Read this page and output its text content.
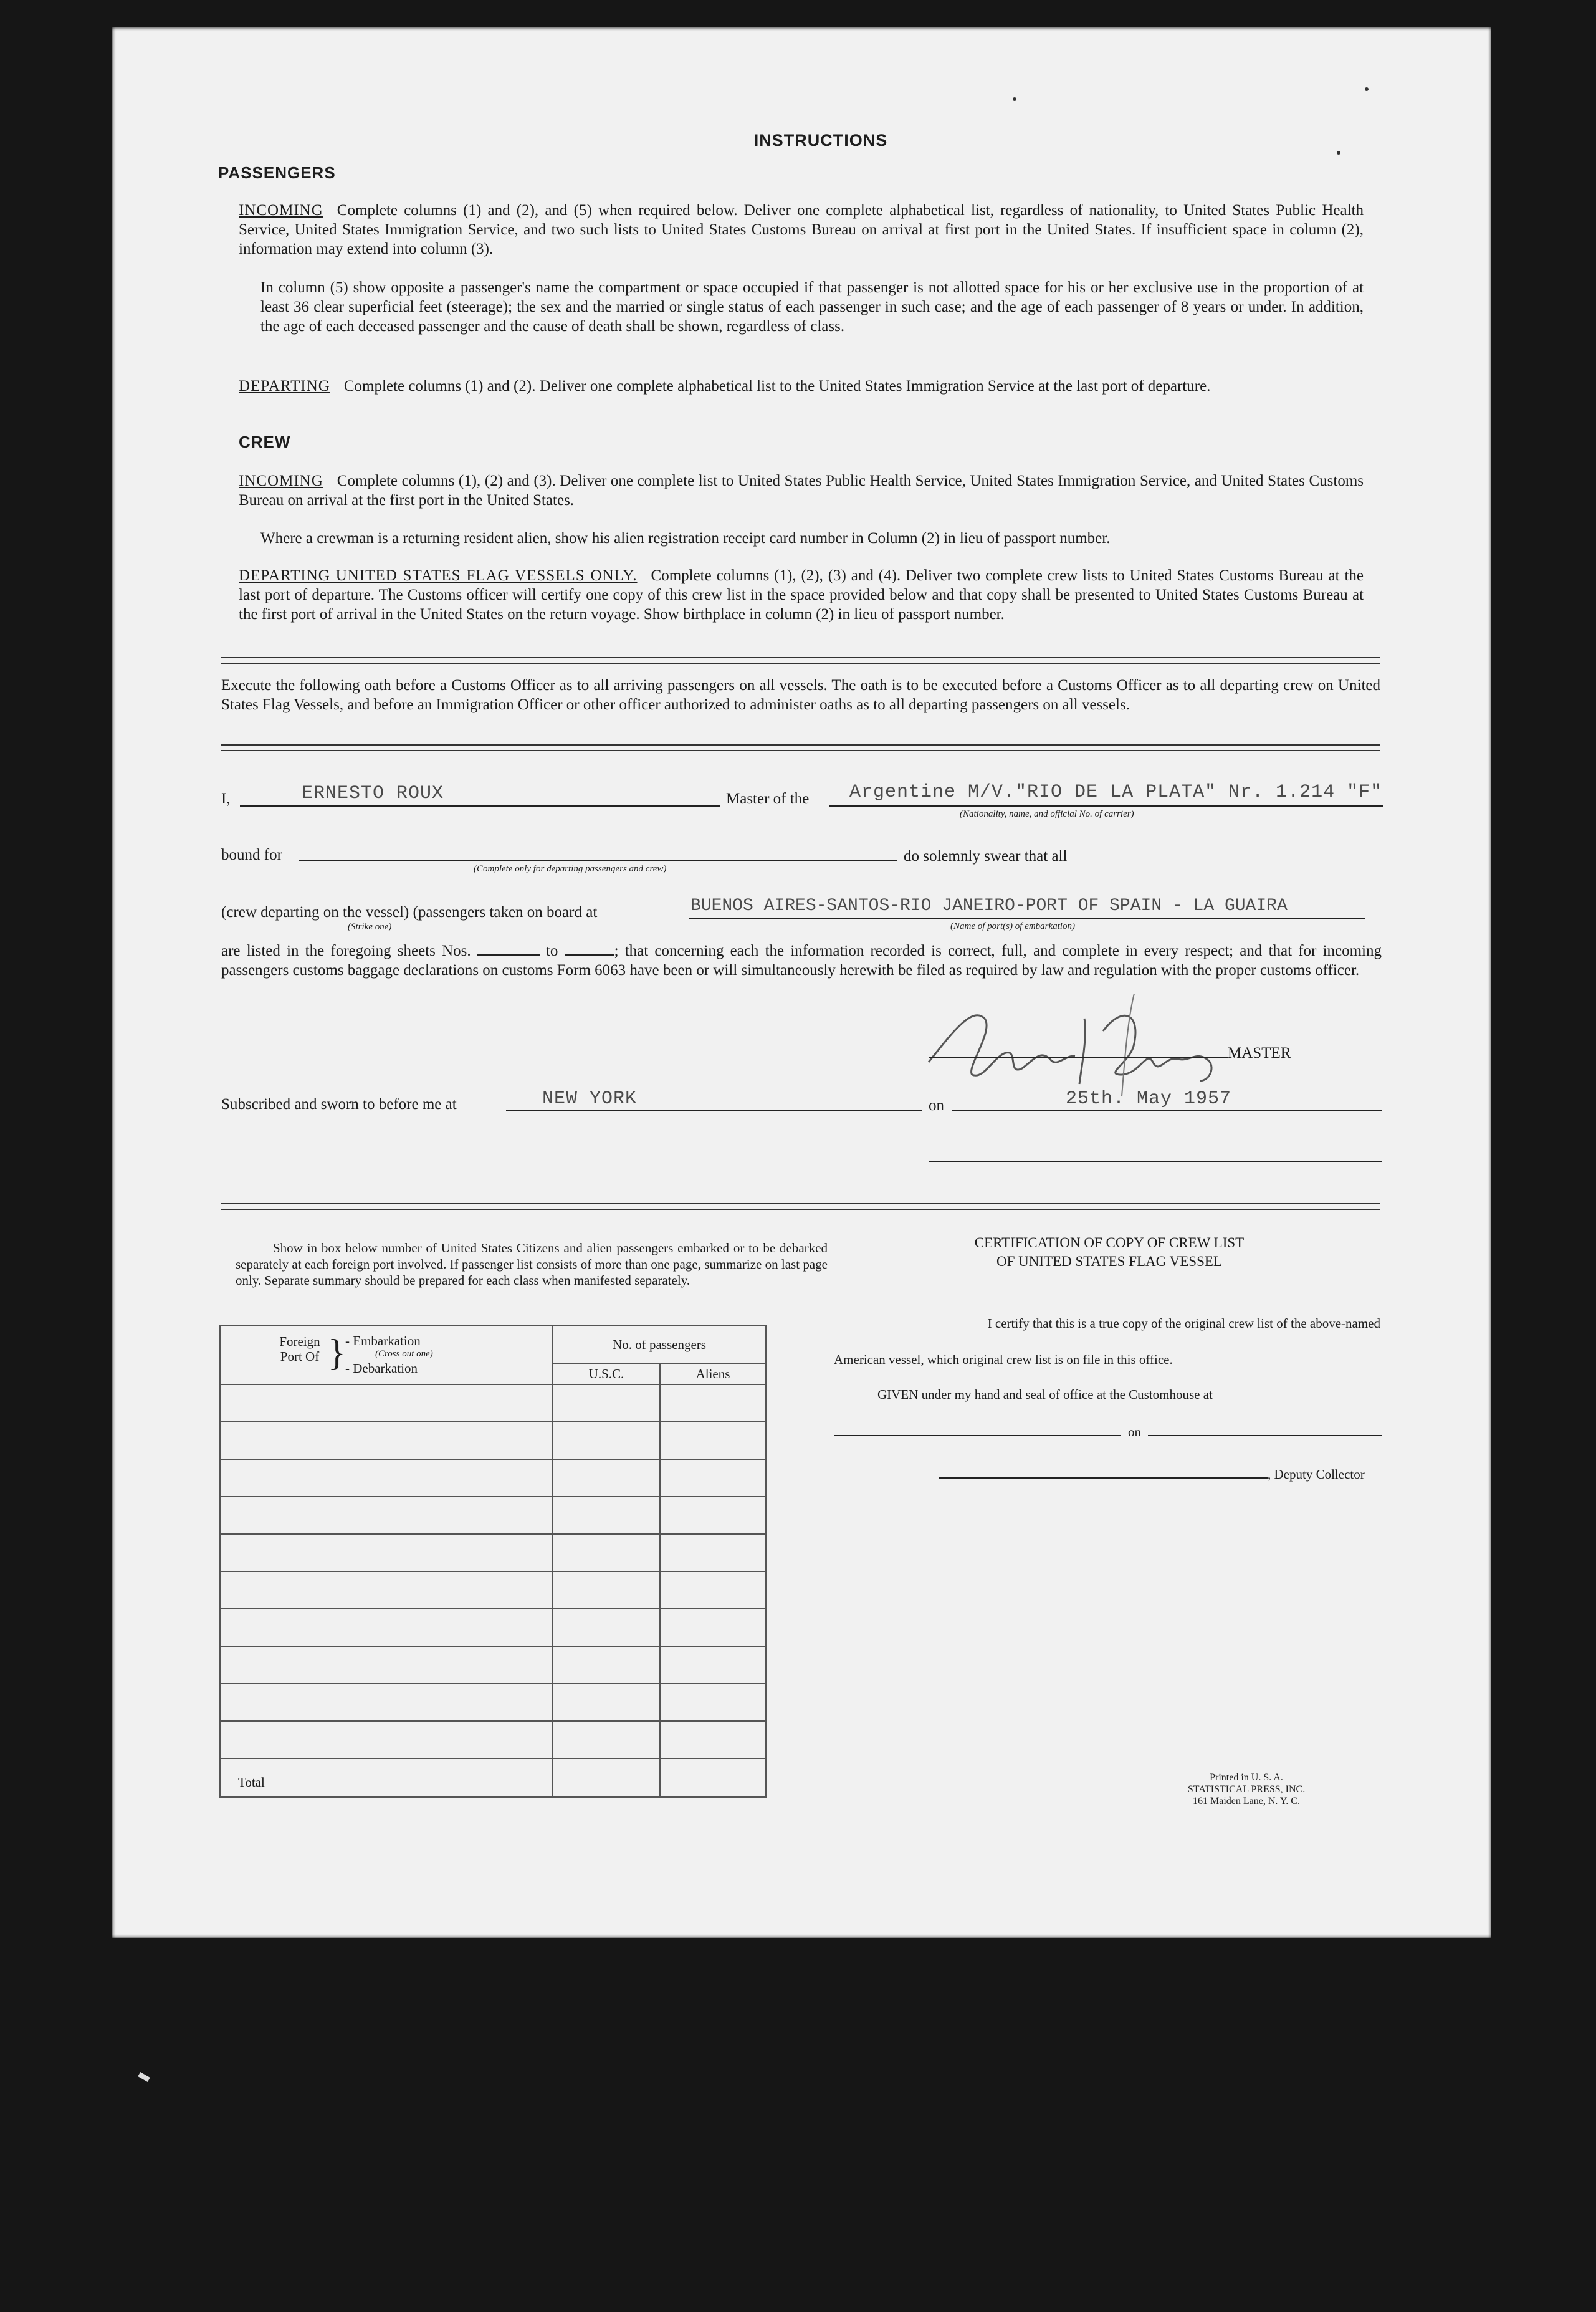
INSTRUCTIONS
PASSENGERS
INCOMING Complete columns (1) and (2), and (5) when required below. Deliver one complete alphabetical list, regardless of nationality, to United States Public Health Service, United States Immigration Service, and two such lists to United States Customs Bureau on arrival at first port in the United States. If insufficient space in column (2), information may extend into column (3).
In column (5) show opposite a passenger's name the compartment or space occupied if that passenger is not allotted space for his or her exclusive use in the proportion of at least 36 clear superficial feet (steerage); the sex and the married or single status of each passenger in such case; and the age of each passenger of 8 years or under. In addition, the age of each deceased passenger and the cause of death shall be shown, regardless of class.
DEPARTING Complete columns (1) and (2). Deliver one complete alphabetical list to the United States Immigration Service at the last port of departure.
CREW
INCOMING Complete columns (1), (2) and (3). Deliver one complete list to United States Public Health Service, United States Immigration Service, and United States Customs Bureau on arrival at the first port in the United States.
Where a crewman is a returning resident alien, show his alien registration receipt card number in Column (2) in lieu of passport number.
DEPARTING UNITED STATES FLAG VESSELS ONLY. Complete columns (1), (2), (3) and (4). Deliver two complete crew lists to United States Customs Bureau at the last port of departure. The Customs officer will certify one copy of this crew list in the space provided below and that copy shall be presented to United States Customs Bureau at the first port of arrival in the United States on the return voyage. Show birthplace in column (2) in lieu of passport number.
Execute the following oath before a Customs Officer as to all arriving passengers on all vessels. The oath is to be executed before a Customs Officer as to all departing crew on United States Flag Vessels, and before an Immigration Officer or other officer authorized to administer oaths as to all departing passengers on all vessels.
I,	ERNESTO ROUX	Master of the Argentine M/V."RIO DE LA PLATA" Nr. 1.214 "F"
(Nationality, name, and official No. of carrier)
bound for
(Complete only for departing passengers and crew)
do solemnly swear that all
(crew departing on the vessel) (passengers taken on board at
(Strike one)
BUENOS AIRES-SANTOS-RIO JANEIRO-PORT OF SPAIN - LA GUAIRA
(Name of port(s) of embarkation)
are listed in the foregoing sheets Nos.	to	; that concerning each the information recorded is correct, full, and complete in every respect; and that for incoming passengers customs baggage declarations on customs Form 6063 have been or will simultaneously herewith be filed as required by law and regulation with the proper customs officer.
MASTER
Subscribed and sworn to before me at	NEW YORK	on	25th. May 1957
Show in box below number of United States Citizens and alien passengers embarked or to be debarked separately at each foreign port involved. If passenger list consists of more than one page, summarize on last page only. Separate summary should be prepared for each class when manifested separately.
Foreign Port Of } - Embarkation
(Cross out one)
- Debarkation	No. of passengers	
	U.S.C.	Aliens

Total		
CERTIFICATION OF COPY OF CREW LIST
OF UNITED STATES FLAG VESSEL
I certify that this is a true copy of the original crew list of the above-named
American vessel, which original crew list is on file in this office.
GIVEN under my hand and seal of office at the Customhouse at
on
, Deputy Collector
Printed in U. S. A.
STATISTICAL PRESS, INC.
161 Maiden Lane, N. Y. C.
